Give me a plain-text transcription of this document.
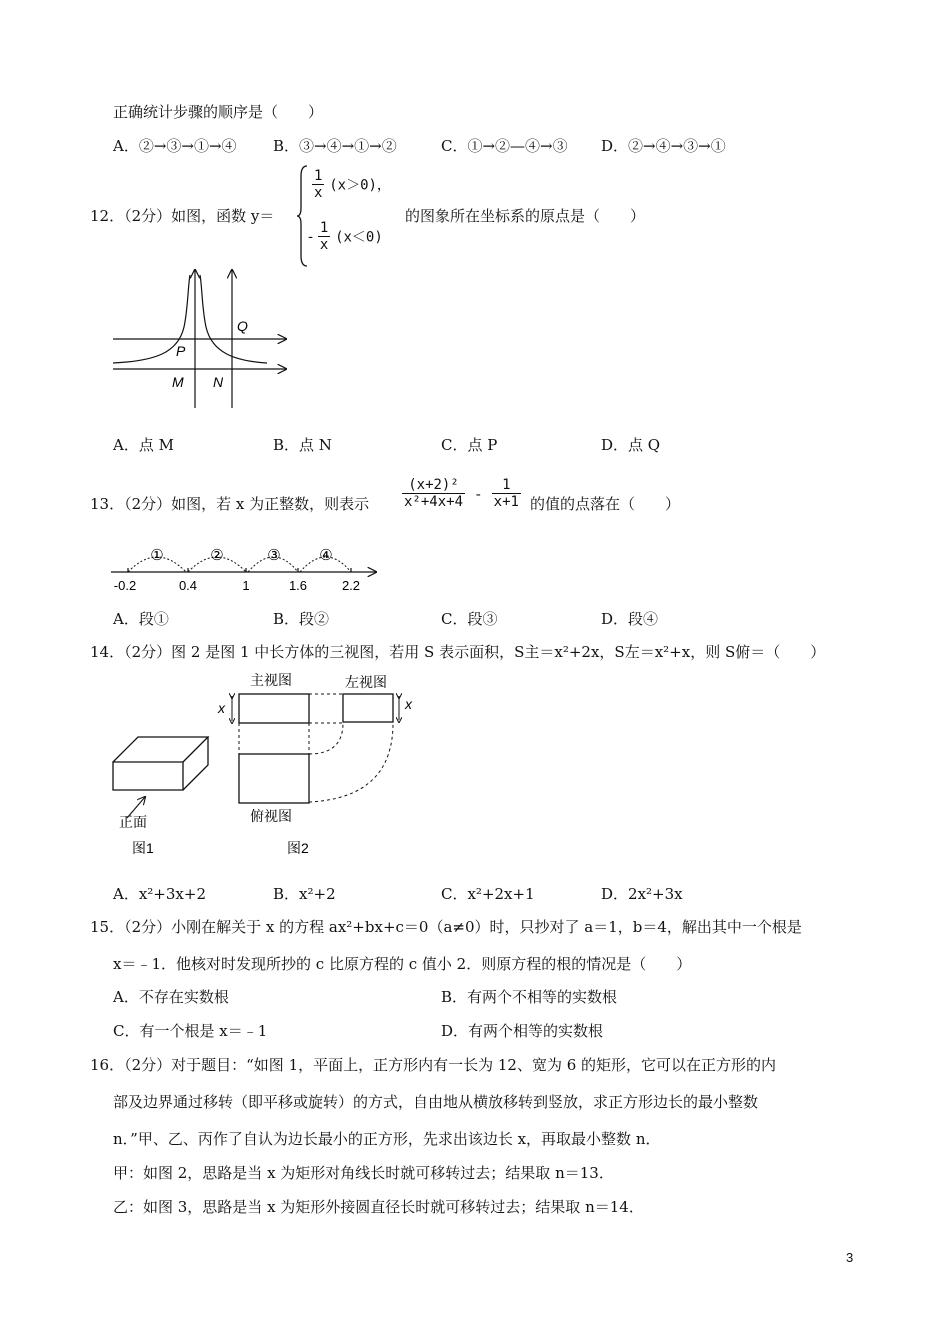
正确统计步骤的顺序是（　　）
A．②→③→①→④ B．③→④→①→②	C．①→②—④→③ D．②→④→③→①
12．（2分）如图，函数 y＝
$\frac{1}{x} (x>0)$，
- $\frac{1}{x} (x<0)$
的图象所在坐标系的原点是（　　）
P
Q
M N
A．点 M	B．点 N	C．点 P	D．点 Q
13．（2分）如图，若 x 为正整数，则表示 $\frac{\text{(x+2)²}}{\text{x²+4x+4}} - \frac{1}{x+1}$ 的值的点落在（　　）
-0.2	0.4	1	1.6	2.2
①	②	③	④
A．段①	B．段②	C．段③	D．段④
14．（2分）图 2 是图 1 中长方体的三视图，若用 S 表示面积，S主＝x²+2x，S左＝x²+x，则 S俯＝（　　）
正面
图1
主视图
x
左视图
x
俯视图
图2
A．x²+3x+2	B．x²+2	C．x²+2x+1	D．2x²+3x
15．（2分）小刚在解关于 x 的方程 ax²+bx+c＝0（a≠0）时，只抄对了 a＝1，b＝4，解出其中一个根是
x＝﹣1．他核对时发现所抄的 c 比原方程的 c 值小 2．则原方程的根的情况是（　　）
A．不存在实数根	B．有两个不相等的实数根
C．有一个根是 x＝﹣1	D．有两个相等的实数根
16．（2分）对于题目：“如图 1，平面上，正方形内有一长为 12、宽为 6 的矩形，它可以在正方形的内
部及边界通过移转（即平移或旋转）的方式，自由地从横放移转到竖放，求正方形边长的最小整数
n．”甲、乙、丙作了自认为边长最小的正方形，先求出该边长 x，再取最小整数 n．
甲：如图 2，思路是当 x 为矩形对角线长时就可移转过去；结果取 n＝13．
乙：如图 3，思路是当 x 为矩形外接圆直径长时就可移转过去；结果取 n＝14．
3
